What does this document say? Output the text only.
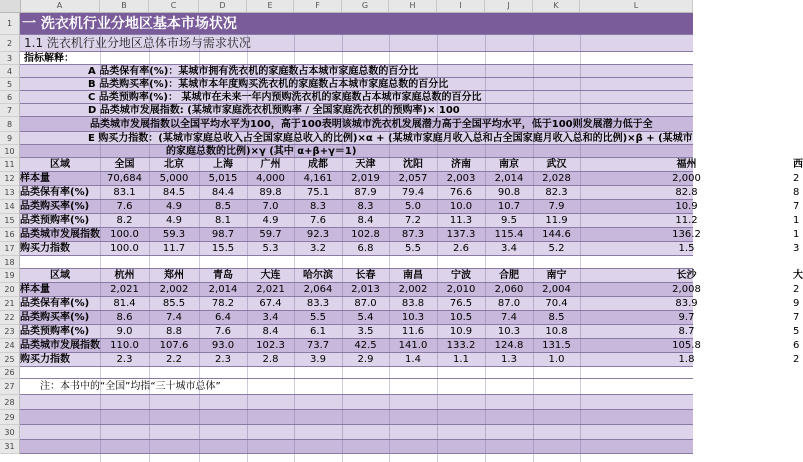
A	B	C	D	E	F	G	H	I	J	K	L
一 洗衣机行业分地区基本市场状况
1.1 洗衣机行业分地区总体市场与需求状况
指标解释：
A 品类保有率(%)：某城市拥有洗衣机的家庭数占本城市家庭总数的百分比
B 品类购买率(%)：某城市本年度购买洗衣机的家庭数占本城市家庭总数的百分比
C 品类预购率(%)： 某城市在未来一年内预购洗衣机的家庭数占本城市家庭总数的百分比
D 品类城市发展指数: (某城市家庭洗衣机预购率 / 全国家庭洗衣机的预购率)× 100
品类城市发展指数以全国平均水平为100，高于100表明该城市洗衣机发展潜力高于全国平均水平，低于100则发展潜力低于全
E 购买力指数：(某城市家庭总收入占全国家庭总收入的比例)×α + (某城市家庭月收入总和占全国家庭月收入总和的比例)×β + (某城市
的家庭总数的比例)×γ (其中 α+β+γ＝1)
区域	全国	北京	上海	广州	成都	天津	沈阳	济南	南京	武汉	福州	西
样本量	70,684	5,000	5,015	4,000	4,161	2,019	2,057	2,003	2,014	2,028	2,000	2
品类保有率(%)	83.1	84.5	84.4	89.8	75.1	87.9	79.4	76.6	90.8	82.3	82.8	8
品类购买率(%)	7.6	4.9	8.5	7.0	8.3	8.3	5.0	10.0	10.7	7.9	10.9	7
品类预购率(%)	8.2	4.9	8.1	4.9	7.6	8.4	7.2	11.3	9.5	11.9	11.2	1
品类城市发展指数	100.0	59.3	98.7	59.7	92.3	102.8	87.3	137.3	115.4	144.6	136.2	1
购买力指数	100.0	11.7	15.5	5.3	3.2	6.8	5.5	2.6	3.4	5.2	1.5	3
区域	杭州	郑州	青岛	大连	哈尔滨	长春	南昌	宁波	合肥	南宁	长沙	大
样本量	2,021	2,002	2,014	2,021	2,064	2,013	2,002	2,010	2,060	2,004	2,008	2
品类保有率(%)	81.4	85.5	78.2	67.4	83.3	87.0	83.8	76.5	87.0	70.4	83.9	9
品类购买率(%)	8.6	7.4	6.4	3.4	5.5	5.4	10.3	10.5	7.4	8.5	9.7	7
品类预购率(%)	9.0	8.8	7.6	8.4	6.1	3.5	11.6	10.9	10.3	10.8	8.7	5
品类城市发展指数	110.0	107.6	93.0	102.3	73.7	42.5	141.0	133.2	124.8	131.5	105.8	6
购买力指数	2.3	2.2	2.3	2.8	3.9	2.9	1.4	1.1	1.3	1.0	1.8	2
注：本书中的“全国”均指“三十城市总体”
1
2
3
4
5
6
7
8
9
10
11
12
13
14
15
16
17
18
19
20
21
22
23
24
25
26
27
28
29
30
31
